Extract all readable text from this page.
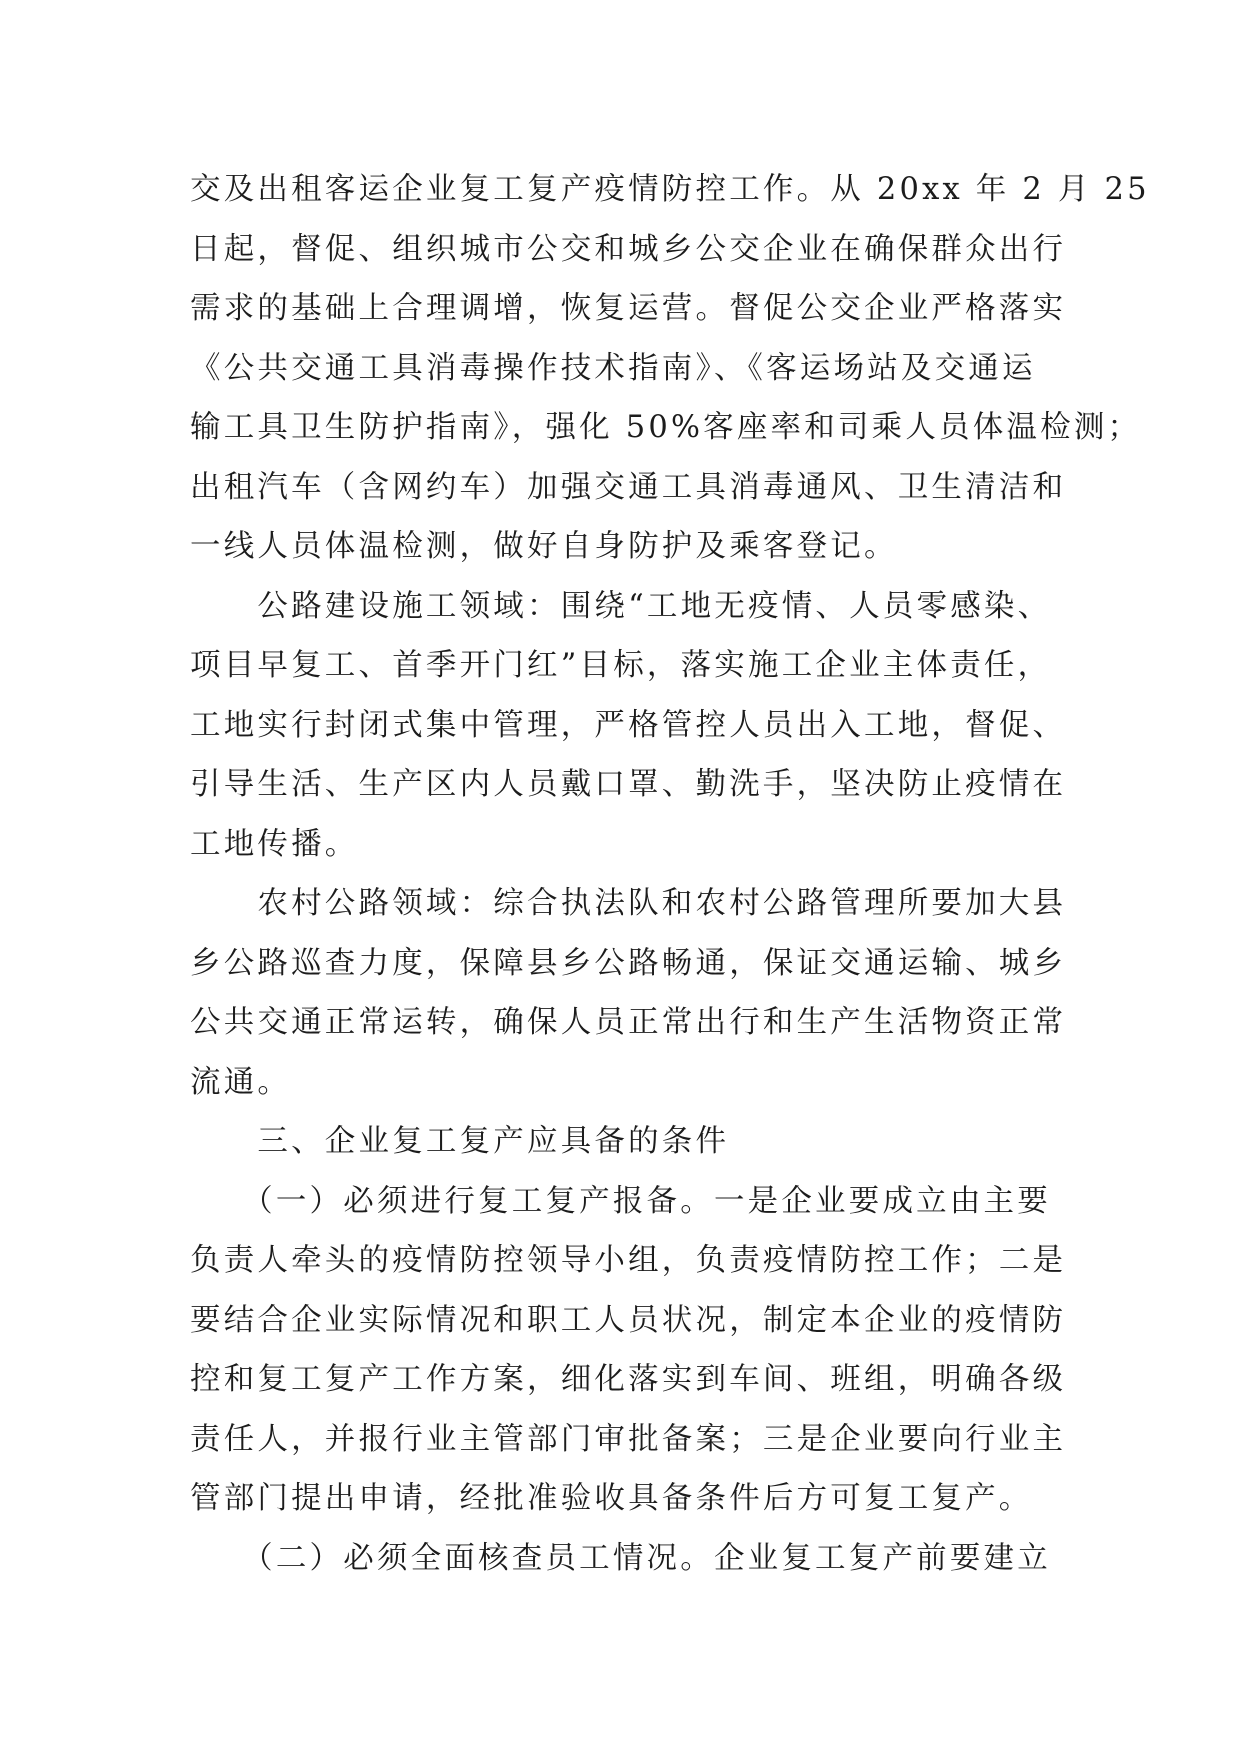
交及出租客运企业复工复产疫情防控工作。从 20xx 年 2 月 25
日起，督促、组织城市公交和城乡公交企业在确保群众出行
需求的基础上合理调增，恢复运营。督促公交企业严格落实
《公共交通工具消毒操作技术指南》、《客运场站及交通运
输工具卫生防护指南》，强化 50%客座率和司乘人员体温检测；
出租汽车（含网约车）加强交通工具消毒通风、卫生清洁和
一线人员体温检测，做好自身防护及乘客登记。
　　公路建设施工领域：围绕“工地无疫情、人员零感染、
项目早复工、首季开门红”目标，落实施工企业主体责任，
工地实行封闭式集中管理，严格管控人员出入工地，督促、
引导生活、生产区内人员戴口罩、勤洗手，坚决防止疫情在
工地传播。
　　农村公路领域：综合执法队和农村公路管理所要加大县
乡公路巡查力度，保障县乡公路畅通，保证交通运输、城乡
公共交通正常运转，确保人员正常出行和生产生活物资正常
流通。
　　三、企业复工复产应具备的条件
　　（一）必须进行复工复产报备。一是企业要成立由主要
负责人牵头的疫情防控领导小组，负责疫情防控工作；二是
要结合企业实际情况和职工人员状况，制定本企业的疫情防
控和复工复产工作方案，细化落实到车间、班组，明确各级
责任人，并报行业主管部门审批备案；三是企业要向行业主
管部门提出申请，经批准验收具备条件后方可复工复产。
　　（二）必须全面核查员工情况。企业复工复产前要建立
